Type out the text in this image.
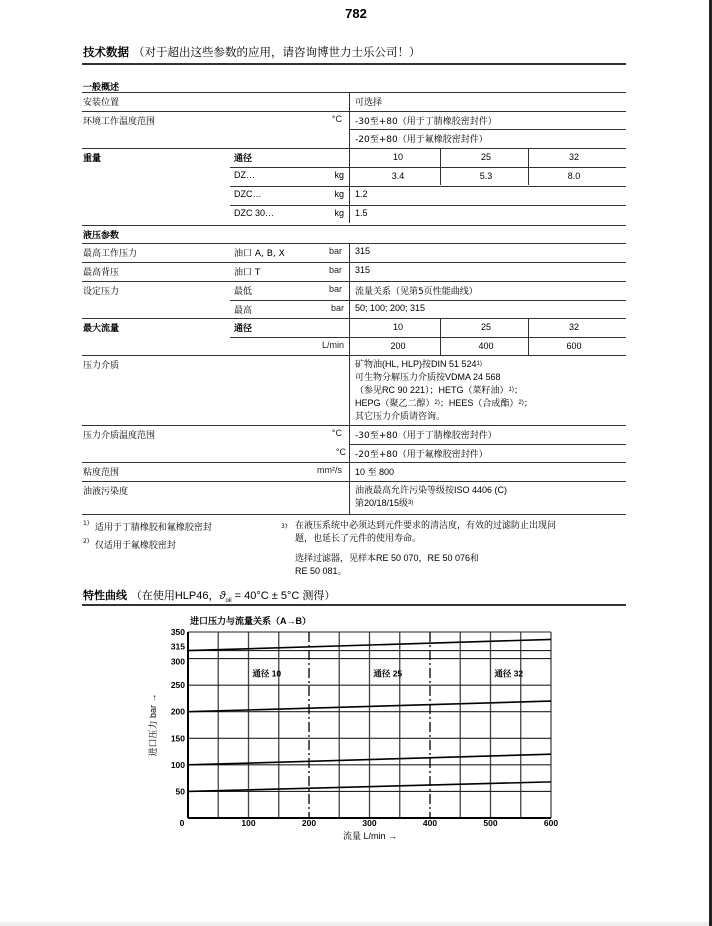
782
技术数据 （对于超出这些参数的应用，请咨询博世力士乐公司！）
一般概述
安装位置	可选择
环境工作温度范围	°C -30至+80（用于丁腈橡胶密封件）
-20至+80（用于氟橡胶密封件）
重量	通径	10	25	32
DZ…	kg	3.4	5.3	8.0
DZC…	kg 1.2
DZC 30…	kg 1.5
液压参数
最高工作压力	油口 A, B, X	bar 315
最高背压	油口 T	bar 315
设定压力	最低	bar 流量关系（见第5页性能曲线）
最高	bar 50; 100; 200; 315
最大流量	通径	10	25	32
L/min	200	400	600
压力介质	矿物油(HL, HLP)按DIN 51 524$^{1)}$
可生物分解压力介质按VDMA 24 568
（参见RC 90 221）；HETG（菜籽油）$^{1)}$；
HEPG（聚乙二醇）$^{2)}$；HEES（合成酯）$^{2)}$；
其它压力介质请咨询。
压力介质温度范围	°C -30至+80（用于丁腈橡胶密封件）
°C -20至+80（用于氟橡胶密封件）
粘度范围	mm²/s 10 至 800
油液污染度	油液最高允许污染等级按ISO 4406 (C)
第20/18/15级$^{3)}$
$^{1)}$ 适用于丁腈橡胶和氟橡胶密封
$^{2)}$ 仅适用于氟橡胶密封
3) 在液压系统中必须达到元件要求的清洁度，有效的过滤防止出现问
题，也延长了元件的使用寿命。
选择过滤器，见样本RE 50 070，RE 50 076和
RE 50 081。
特性曲线 （在使用HLP46，$ϑ_{oil} = 40^\circ C \pm 5^\circ C$ 测得）
进口压力与流量关系（A→B）
0	100	200	300	400	500	600
50
100
150
200
250
300
315
350
通径 10	通径 25	通径 32
流量 L/min →
进口压力 bar →
